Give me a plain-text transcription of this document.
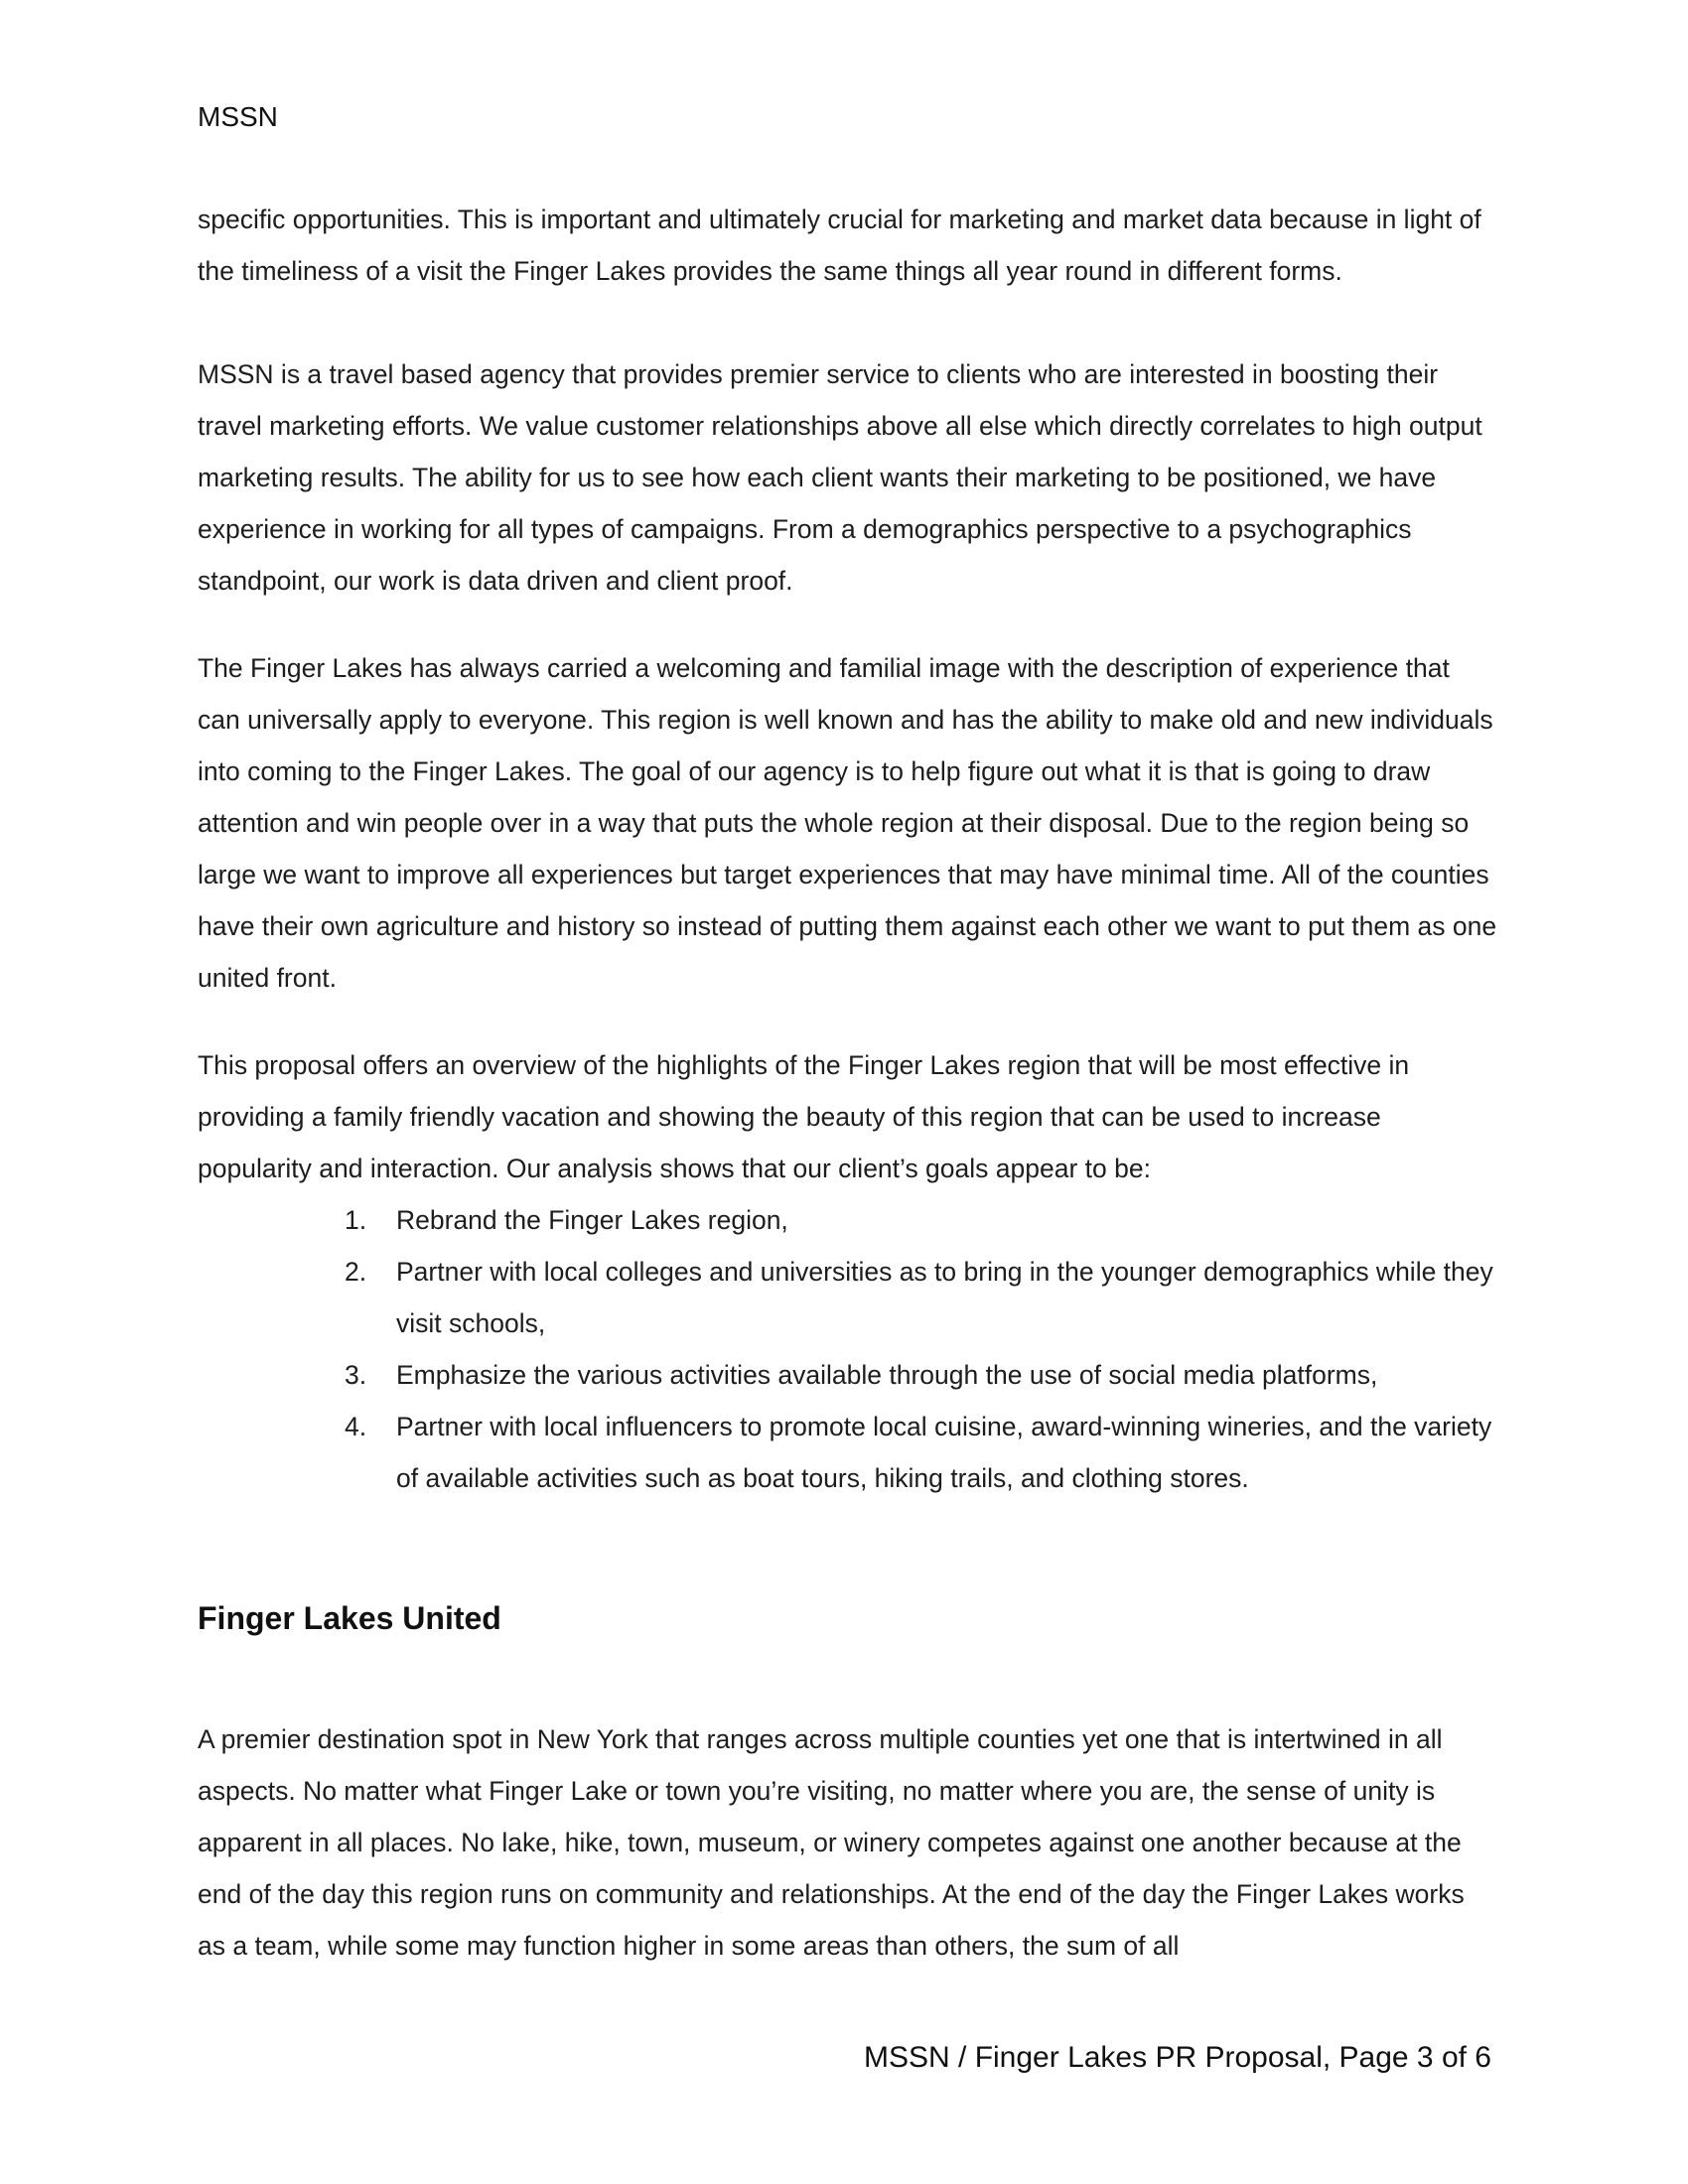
MSSN

specific opportunities. This is important and ultimately crucial for marketing and market data because in light of the timeliness of a visit the Finger Lakes provides the same things all year round in different forms.

MSSN is a travel based agency that provides premier service to clients who are interested in boosting their travel marketing efforts. We value customer relationships above all else which directly correlates to high output marketing results. The ability for us to see how each client wants their marketing to be positioned, we have experience in working for all types of campaigns. From a demographics perspective to a psychographics standpoint, our work is data driven and client proof.

The Finger Lakes has always carried a welcoming and familial image with the description of experience that can universally apply to everyone. This region is well known and has the ability to make old and new individuals into coming to the Finger Lakes. The goal of our agency is to help figure out what it is that is going to draw attention and win people over in a way that puts the whole region at their disposal. Due to the region being so large we want to improve all experiences but target experiences that may have minimal time. All of the counties have their own agriculture and history so instead of putting them against each other we want to put them as one united front.

This proposal offers an overview of the highlights of the Finger Lakes region that will be most effective in providing a family friendly vacation and showing the beauty of this region that can be used to increase popularity and interaction. Our analysis shows that our client’s goals appear to be:

1. Rebrand the Finger Lakes region,
2. Partner with local colleges and universities as to bring in the younger demographics while they visit schools,
3. Emphasize the various activities available through the use of social media platforms,
4. Partner with local influencers to promote local cuisine, award-winning wineries, and the variety of available activities such as boat tours, hiking trails, and clothing stores.
Finger Lakes United

A premier destination spot in New York that ranges across multiple counties yet one that is intertwined in all aspects. No matter what Finger Lake or town you’re visiting, no matter where you are, the sense of unity is apparent in all places. No lake, hike, town, museum, or winery competes against one another because at the end of the day this region runs on community and relationships. At the end of the day the Finger Lakes works as a team, while some may function higher in some areas than others, the sum of all

MSSN / Finger Lakes PR Proposal, Page 3 of 6
